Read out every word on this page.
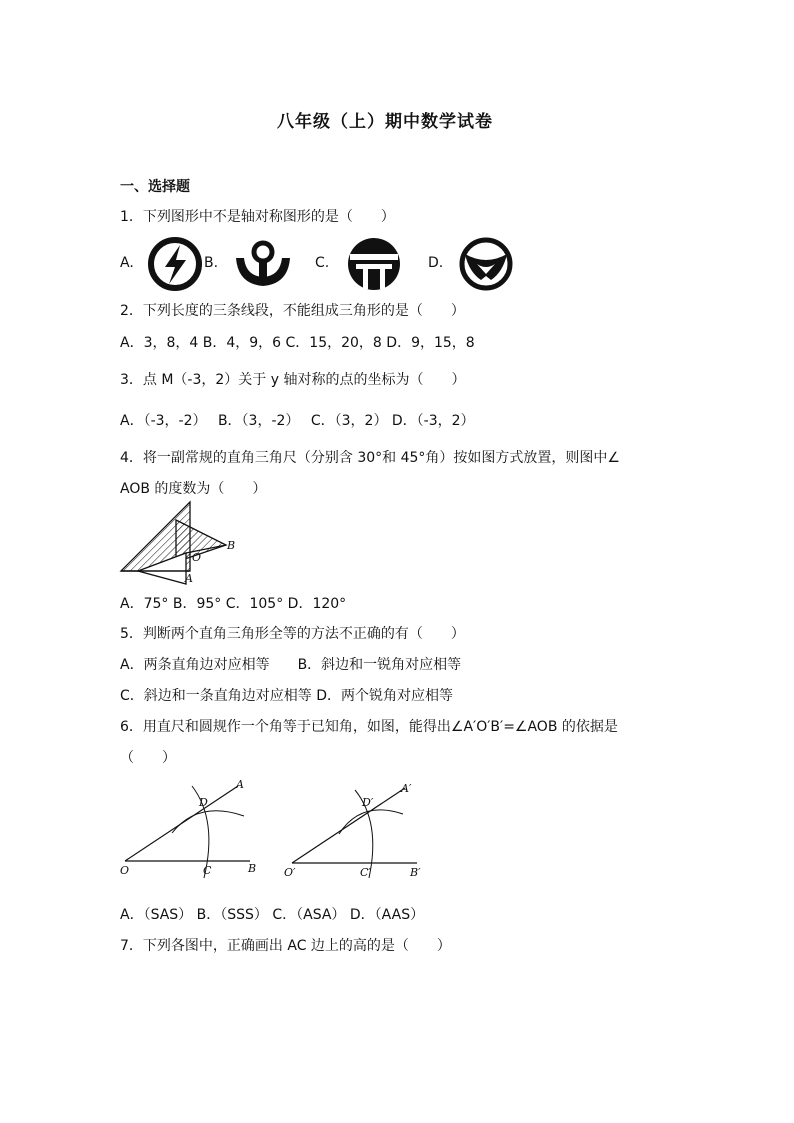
八年级（上）期中数学试卷
一、选择题
1．下列图形中不是轴对称图形的是（　　）
A.	B.	C.	D.
2．下列长度的三条线段，不能组成三角形的是（　　）
A．3，8，4 B．4，9，6 C．15，20，8 D．9，15，8
3．点 M（-3，2）关于 y 轴对称的点的坐标为（　　）
A．（-3，-2）　 B．（3，-2）　 C．（3，2） D．（-3，2）
4．将一副常规的直角三角尺（分别含 30°和 45°角）按如图方式放置，则图中∠
AOB 的度数为（　　）
O
B
A
A．75° B．95° C．105° D．120°
5．判断两个直角三角形全等的方法不正确的有（　　）
A．两条直角边对应相等　　B．斜边和一锐角对应相等
C．斜边和一条直角边对应相等 D．两个锐角对应相等
6．用直尺和圆规作一个角等于已知角，如图，能得出∠A′O′B′=∠AOB 的依据是
（　　）
O	C	B
D
A
O′	C′	B′
D′
A′
A．（SAS） B．（SSS） C．（ASA） D．（AAS）
7．下列各图中，正确画出 AC 边上的高的是（　　）
